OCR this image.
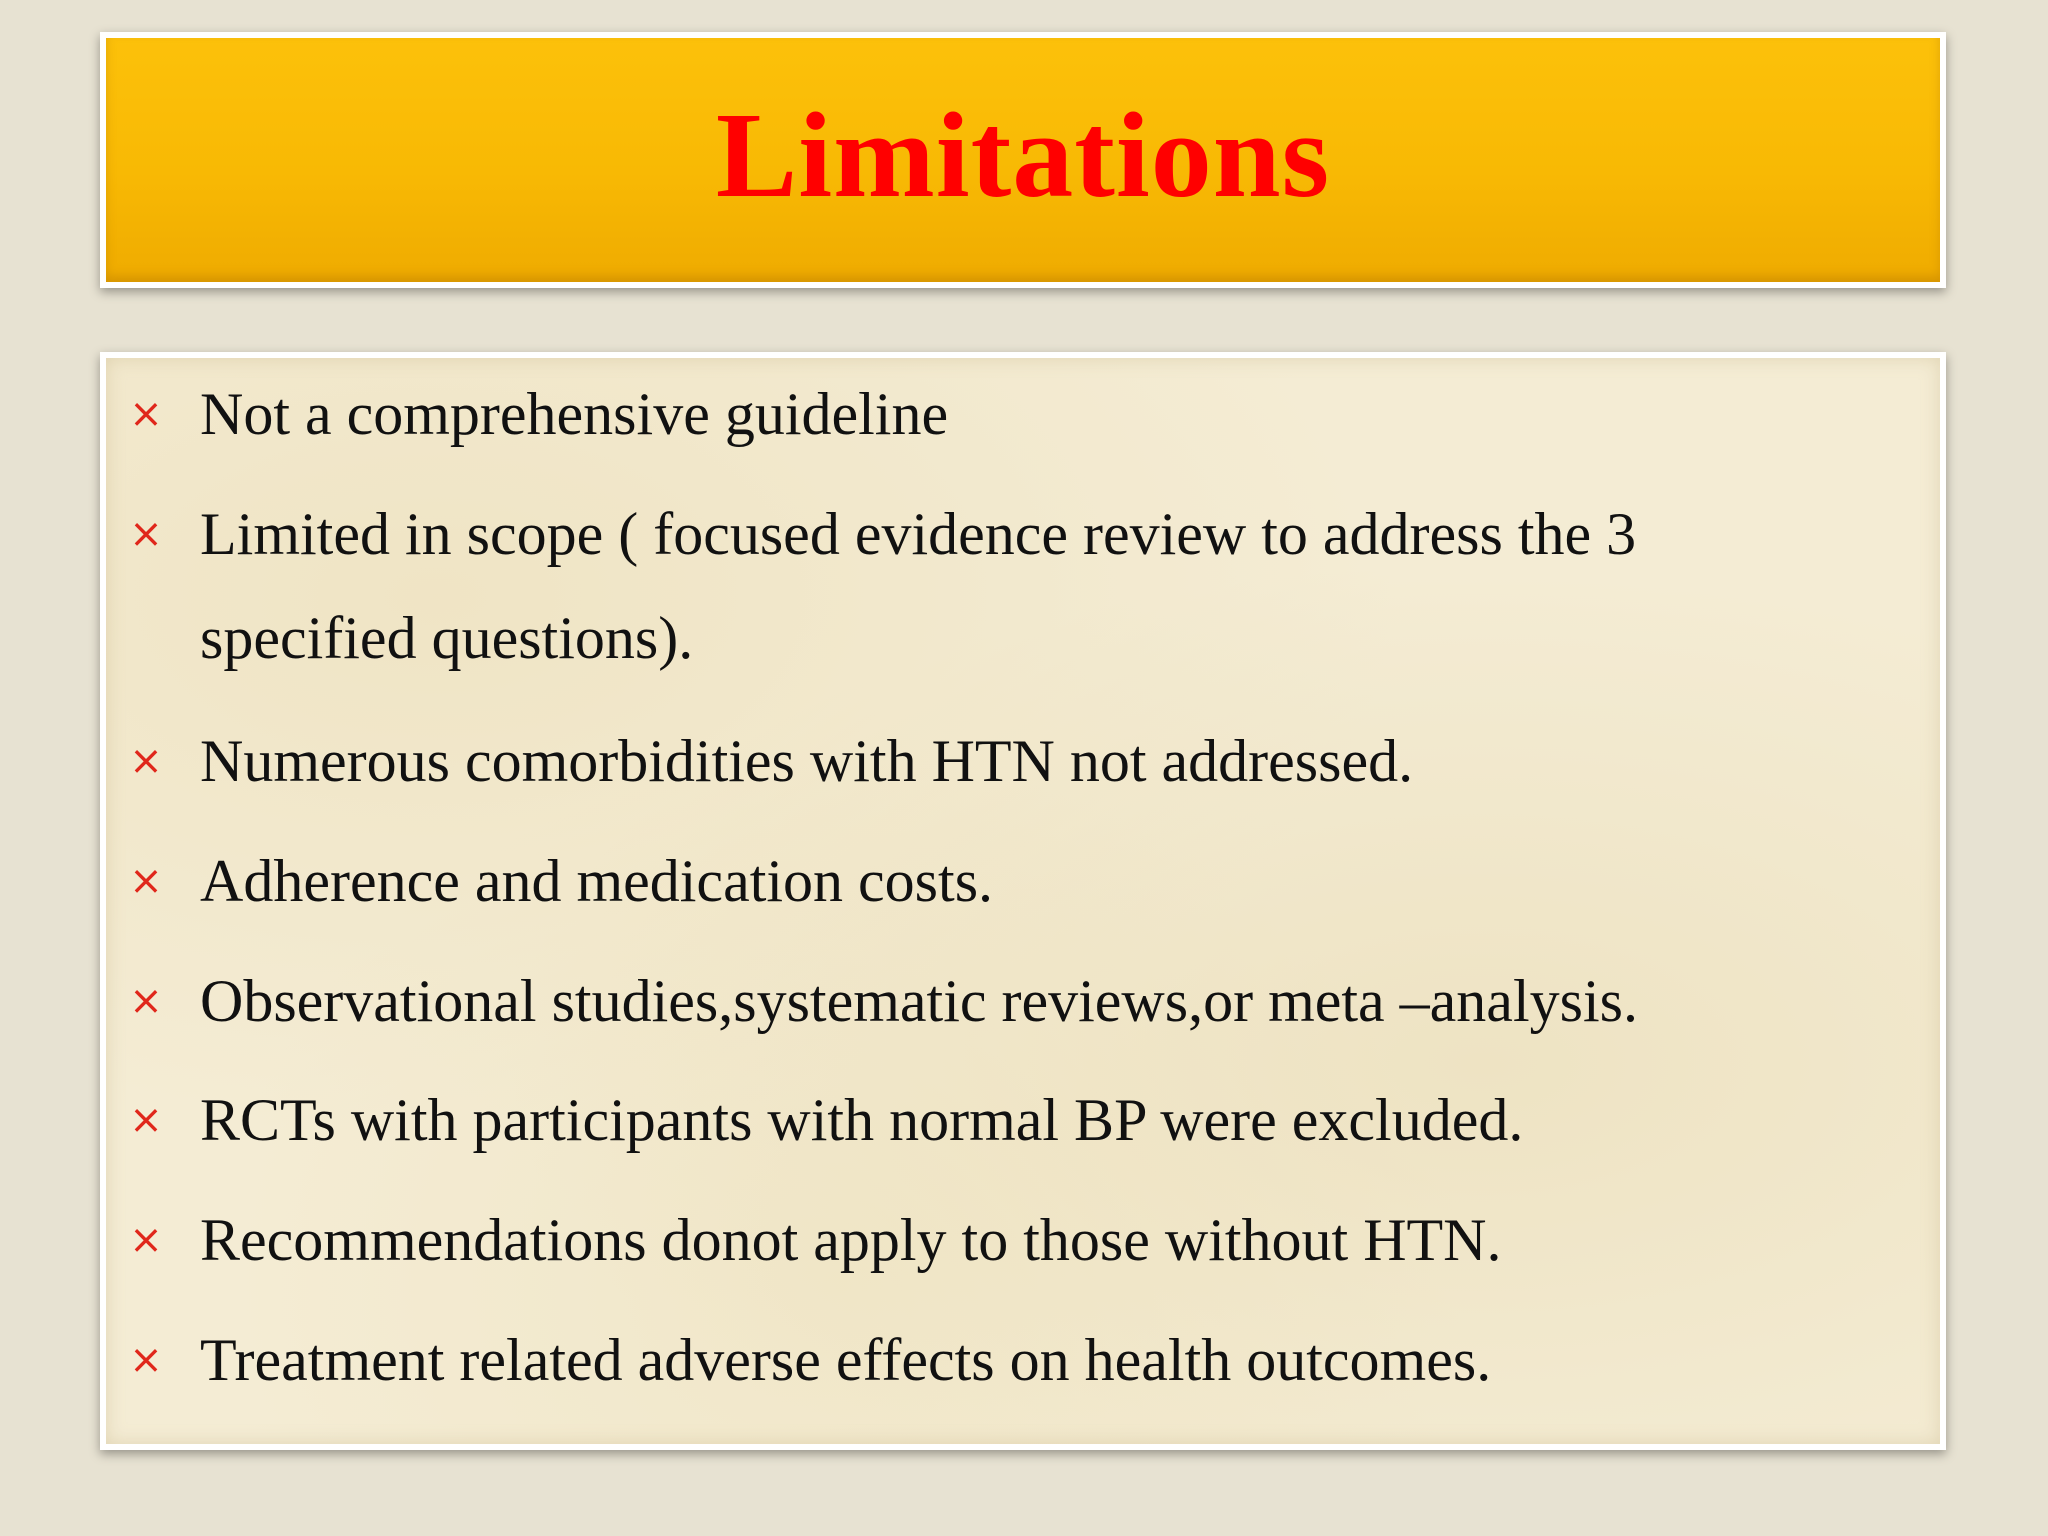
Limitations
× Not a comprehensive guideline
× Limited in scope ( focused evidence review to address the 3 specified questions).
× Numerous comorbidities with HTN not addressed.
× Adherence and medication costs.
× Observational studies,systematic reviews,or meta –analysis.
× RCTs with participants with normal BP were excluded.
× Recommendations donot apply to those without HTN.
× Treatment related adverse effects on health outcomes.
